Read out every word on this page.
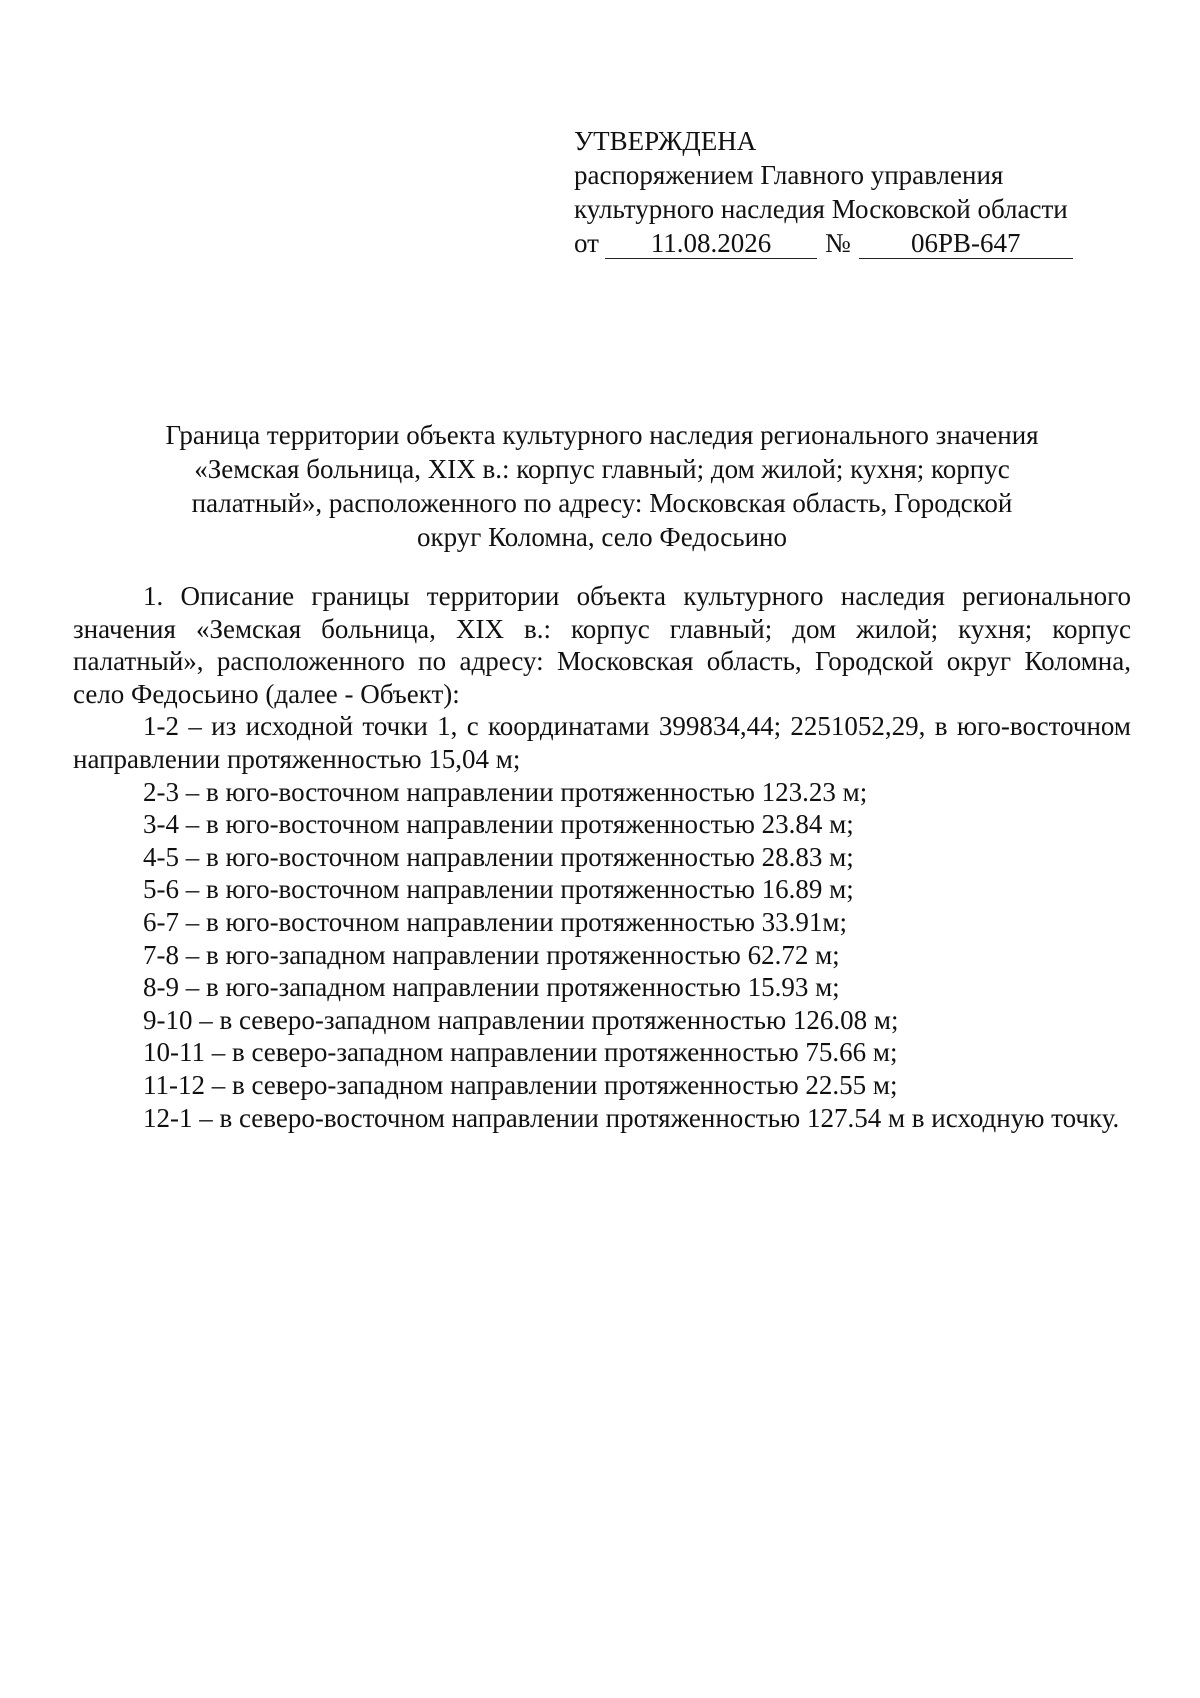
УТВЕРЖДЕНА
распоряжением Главного управления
культурного наследия Московской области
от 11.08.2026 № 06РВ-647
Граница территории объекта культурного наследия регионального значения
«Земская больница, XIX в.: корпус главный; дом жилой; кухня; корпус
палатный», расположенного по адресу: Московская область, Городской
округ Коломна, село Федосьино

1. Описание границы территории объекта культурного наследия регионального значения «Земская больница, XIX в.: корпус главный; дом жилой; кухня; корпус палатный», расположенного по адресу: Московская область, Городской округ Коломна, село Федосьино (далее - Объект):

1-2 – из исходной точки 1, с координатами 399834,44; 2251052,29, в юго-восточном направлении протяженностью 15,04 м;

2-3 – в юго-восточном направлении протяженностью 123.23 м;

3-4 – в юго-восточном направлении протяженностью 23.84 м;

4-5 – в юго-восточном направлении протяженностью 28.83 м;

5-6 – в юго-восточном направлении протяженностью 16.89 м;

6-7 – в юго-восточном направлении протяженностью 33.91м;

7-8 – в юго-западном направлении протяженностью 62.72 м;

8-9 – в юго-западном направлении протяженностью 15.93 м;

9-10 – в северо-западном направлении протяженностью 126.08 м;

10-11 – в северо-западном направлении протяженностью 75.66 м;

11-12 – в северо-западном направлении протяженностью 22.55 м;

12-1 – в северо-восточном направлении протяженностью 127.54 м в исходную точку.
